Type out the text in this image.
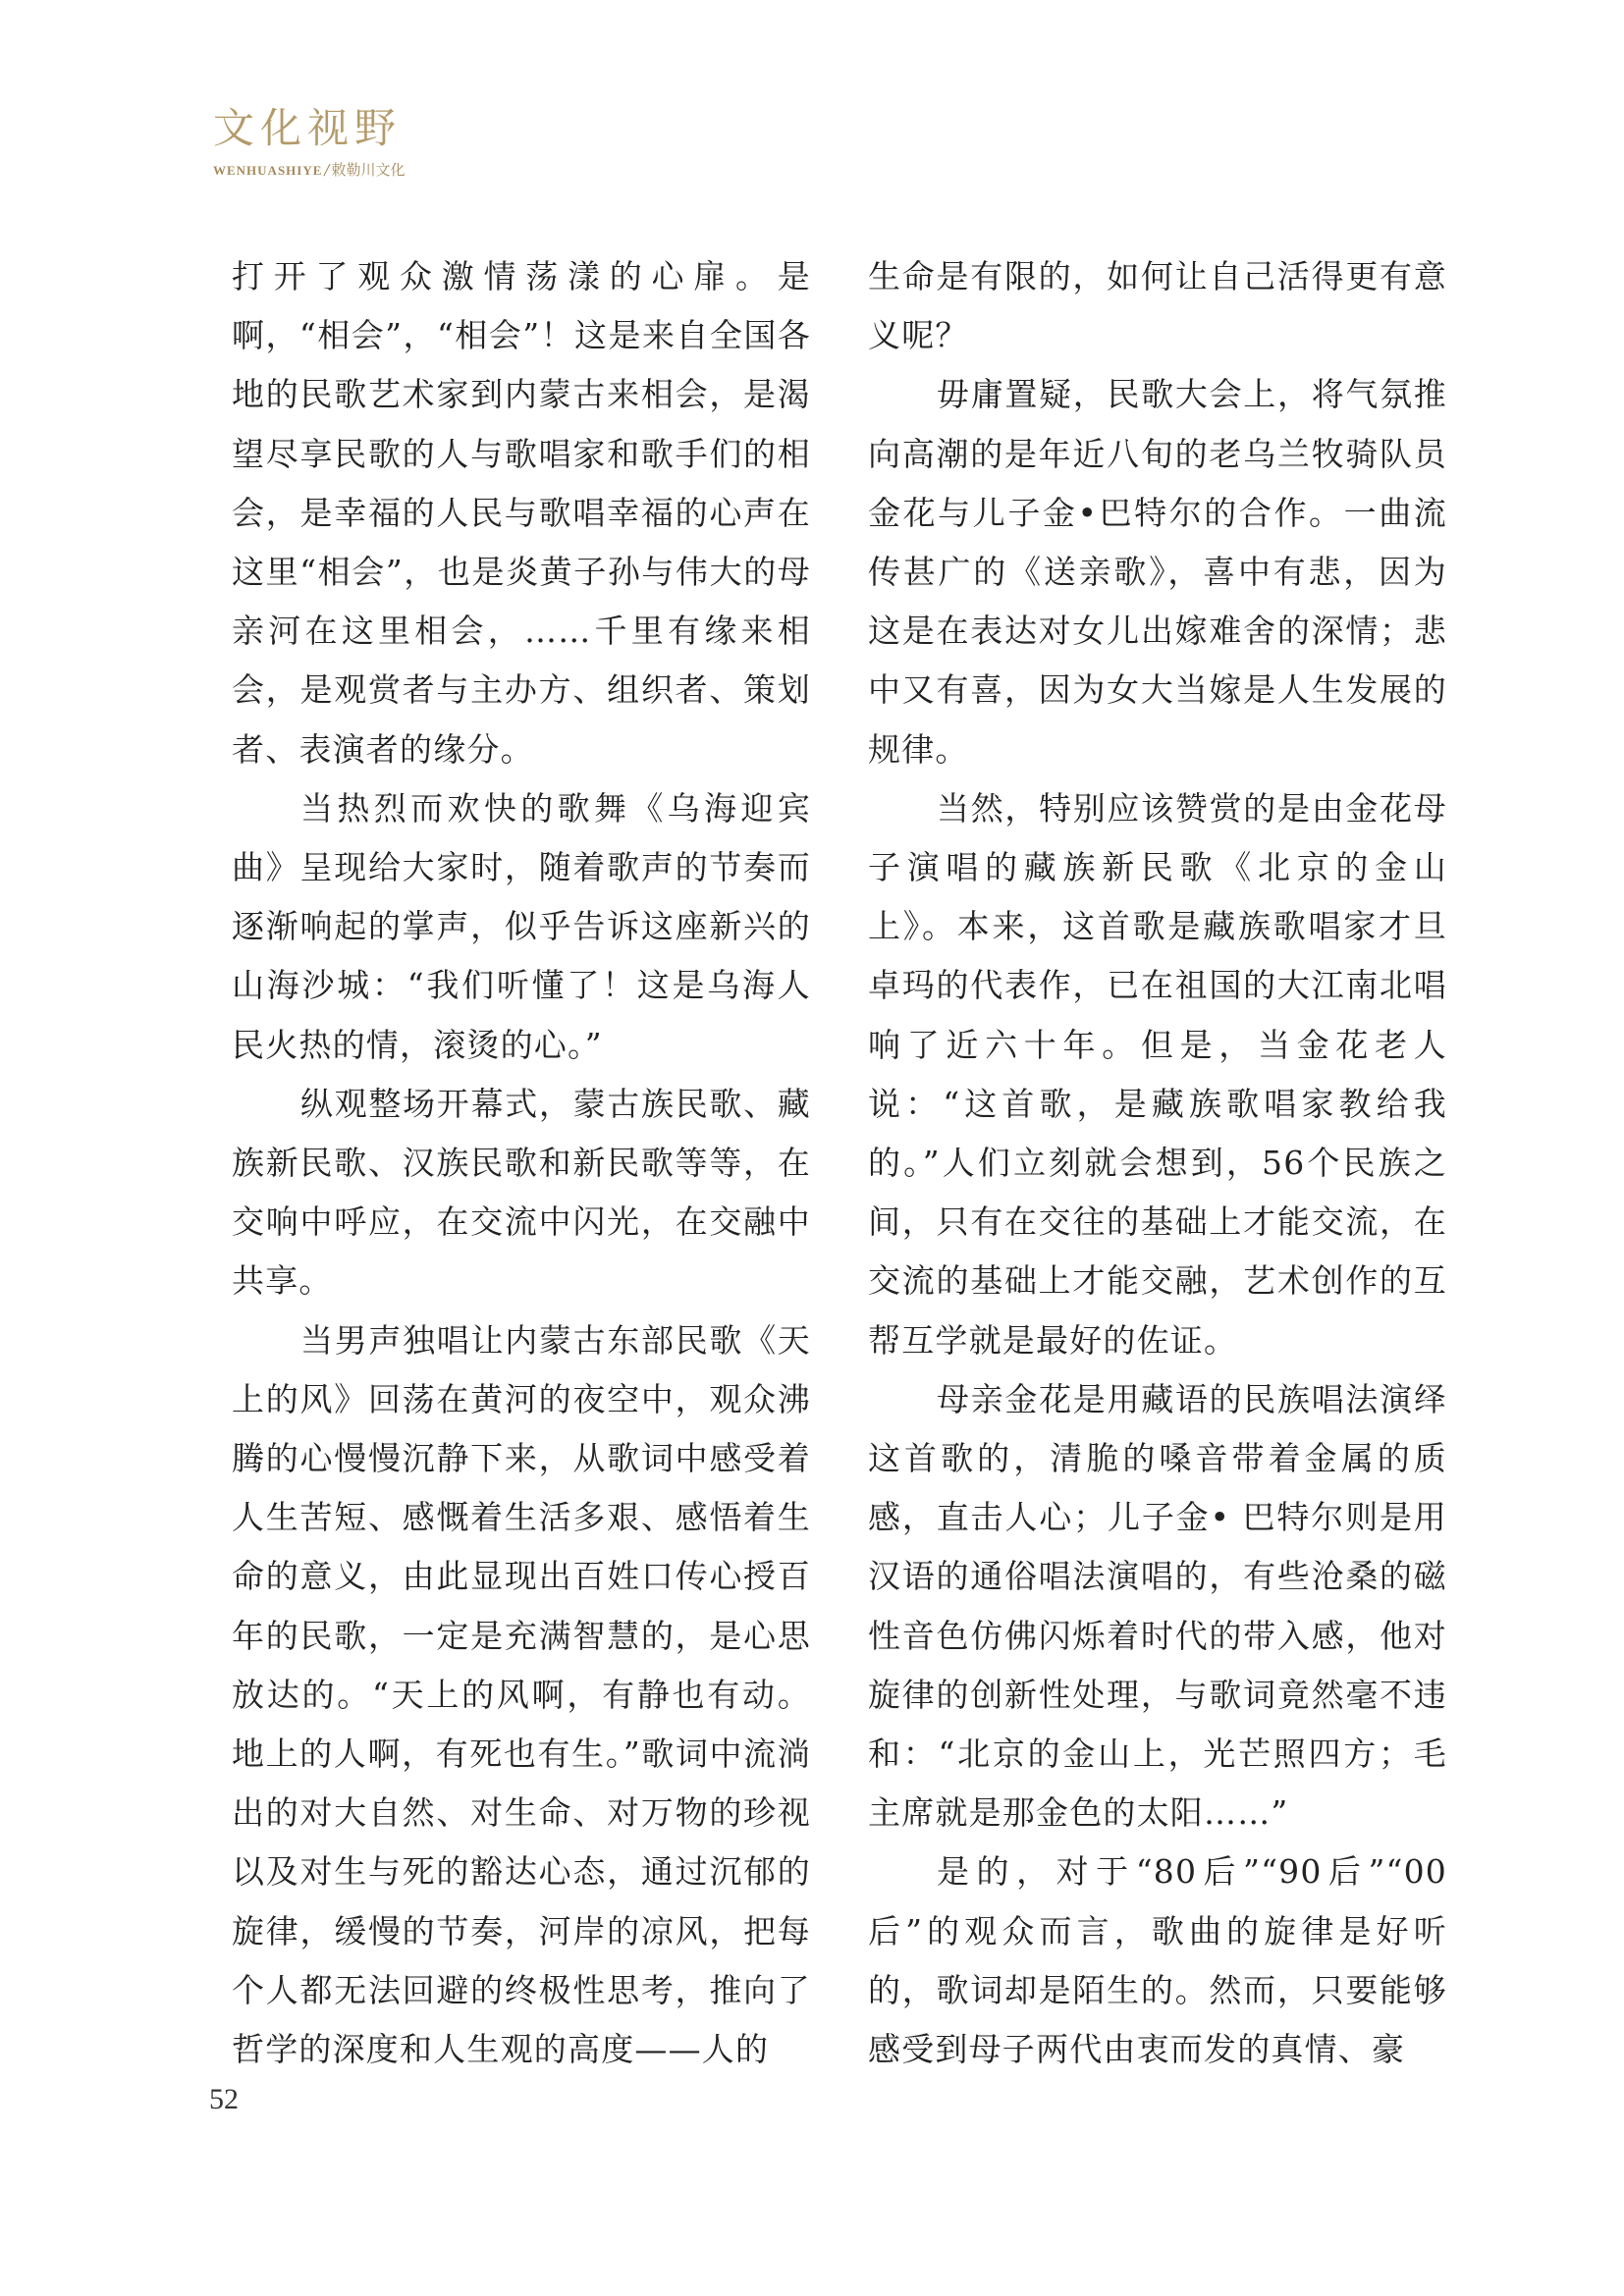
文化视野
WENHUASHIYE / 敕勒川文化

打开了观众激情荡漾的心扉。是啊，“相会”，“相会”！这是来自全国各地的民歌艺术家到内蒙古来相会，是渴望尽享民歌的人与歌唱家和歌手们的相会，是幸福的人民与歌唱幸福的心声在这里“相会”，也是炎黄子孙与伟大的母亲河在这里相会，……千里有缘来相会，是观赏者与主办方、组织者、策划者、表演者的缘分。

当热烈而欢快的歌舞《乌海迎宾曲》呈现给大家时，随着歌声的节奏而逐渐响起的掌声，似乎告诉这座新兴的山海沙城：“我们听懂了！这是乌海人民火热的情，滚烫的心。”

纵观整场开幕式，蒙古族民歌、藏族新民歌、汉族民歌和新民歌等等，在交响中呼应，在交流中闪光，在交融中共享。

当男声独唱让内蒙古东部民歌《天上的风》回荡在黄河的夜空中，观众沸腾的心慢慢沉静下来，从歌词中感受着人生苦短、感慨着生活多艰、感悟着生命的意义，由此显现出百姓口传心授百年的民歌，一定是充满智慧的，是心思放达的。“天上的风啊，有静也有动。地上的人啊，有死也有生。”歌词中流淌出的对大自然、对生命、对万物的珍视以及对生与死的豁达心态，通过沉郁的旋律，缓慢的节奏，河岸的凉风，把每个人都无法回避的终极性思考，推向了哲学的深度和人生观的高度——人的

生命是有限的，如何让自己活得更有意义呢？

毋庸置疑，民歌大会上，将气氛推向高潮的是年近八旬的老乌兰牧骑队员金花与儿子金•巴特尔的合作。一曲流传甚广的《送亲歌》，喜中有悲，因为这是在表达对女儿出嫁难舍的深情；悲中又有喜，因为女大当嫁是人生发展的规律。

当然，特别应该赞赏的是由金花母子演唱的藏族新民歌《北京的金山上》。本来，这首歌是藏族歌唱家才旦卓玛的代表作，已在祖国的大江南北唱响了近六十年。但是，当金花老人说：“这首歌，是藏族歌唱家教给我的。”人们立刻就会想到，56个民族之间，只有在交往的基础上才能交流，在交流的基础上才能交融，艺术创作的互帮互学就是最好的佐证。

母亲金花是用藏语的民族唱法演绎这首歌的，清脆的嗓音带着金属的质感，直击人心；儿子金• 巴特尔则是用汉语的通俗唱法演唱的，有些沧桑的磁性音色仿佛闪烁着时代的带入感，他对旋律的创新性处理，与歌词竟然毫不违和：“北京的金山上，光芒照四方；毛主席就是那金色的太阳……”

是的，对于“80后”“90后”“00后”的观众而言，歌曲的旋律是好听的，歌词却是陌生的。然而，只要能够感受到母子两代由衷而发的真情、豪

52
